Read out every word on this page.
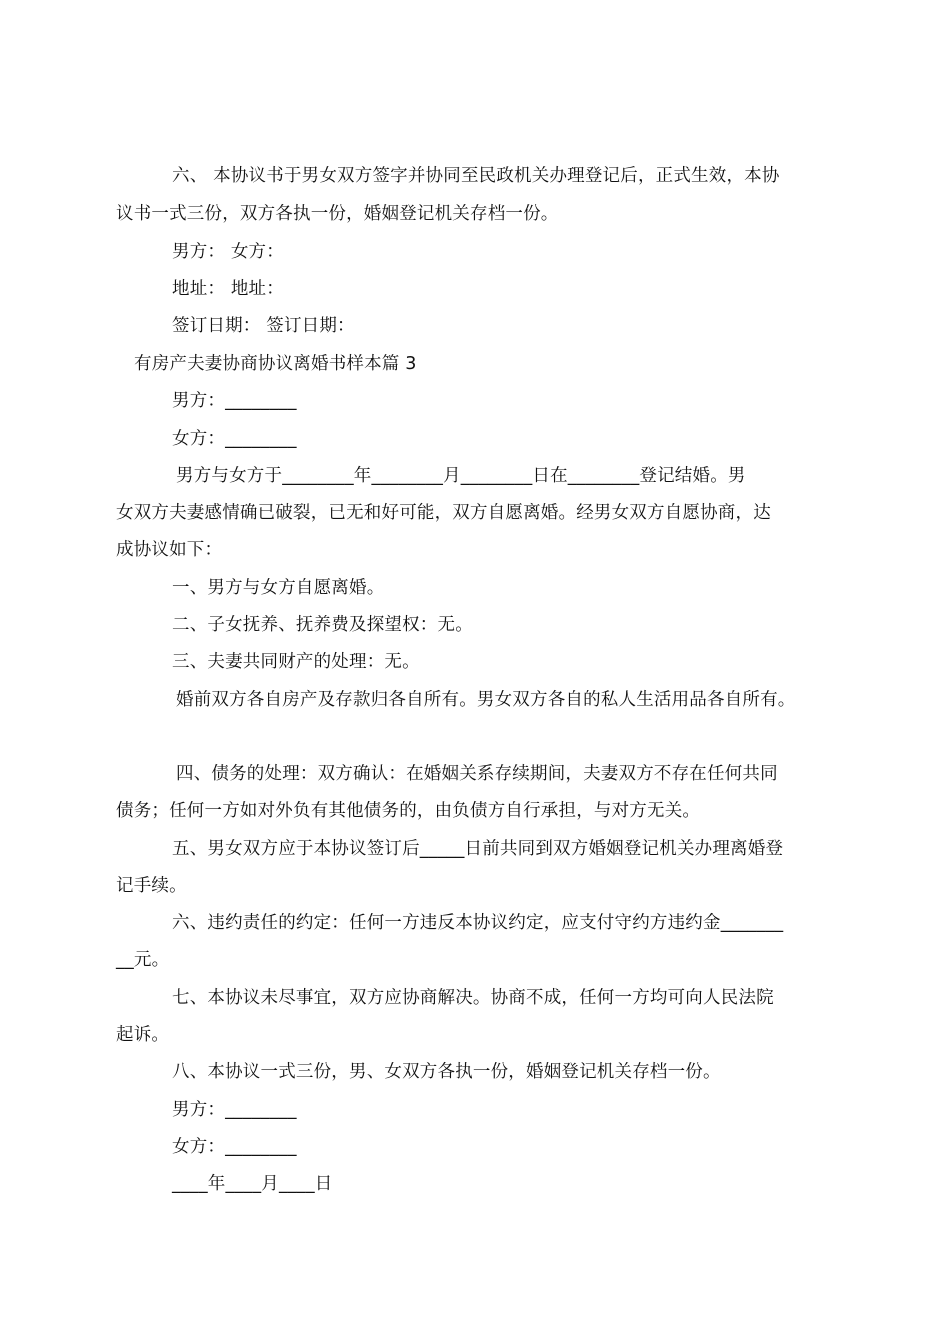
六、 本协议书于男女双方签字并协同至民政机关办理登记后，正式生效，本协
议书一式三份，双方各执一份，婚姻登记机关存档一份。
男方： 女方：
地址： 地址：
签订日期： 签订日期：
有房产夫妻协商协议离婚书样本篇 3
男方：________
女方：________
男方与女方于________年________月________日在________登记结婚。男
女双方夫妻感情确已破裂，已无和好可能，双方自愿离婚。经男女双方自愿协商，达
成协议如下：
一、男方与女方自愿离婚。
二、子女抚养、抚养费及探望权：无。
三、夫妻共同财产的处理：无。
婚前双方各自房产及存款归各自所有。男女双方各自的私人生活用品各自所有。
四、债务的处理：双方确认：在婚姻关系存续期间，夫妻双方不存在任何共同
债务；任何一方如对外负有其他债务的，由负债方自行承担，与对方无关。
五、男女双方应于本协议签订后_____日前共同到双方婚姻登记机关办理离婚登
记手续。
六、违约责任的约定：任何一方违反本协议约定，应支付守约方违约金_______
__元。
七、本协议未尽事宜，双方应协商解决。协商不成，任何一方均可向人民法院
起诉。
八、本协议一式三份，男、女双方各执一份，婚姻登记机关存档一份。
男方：________
女方：________
____年____月____日
